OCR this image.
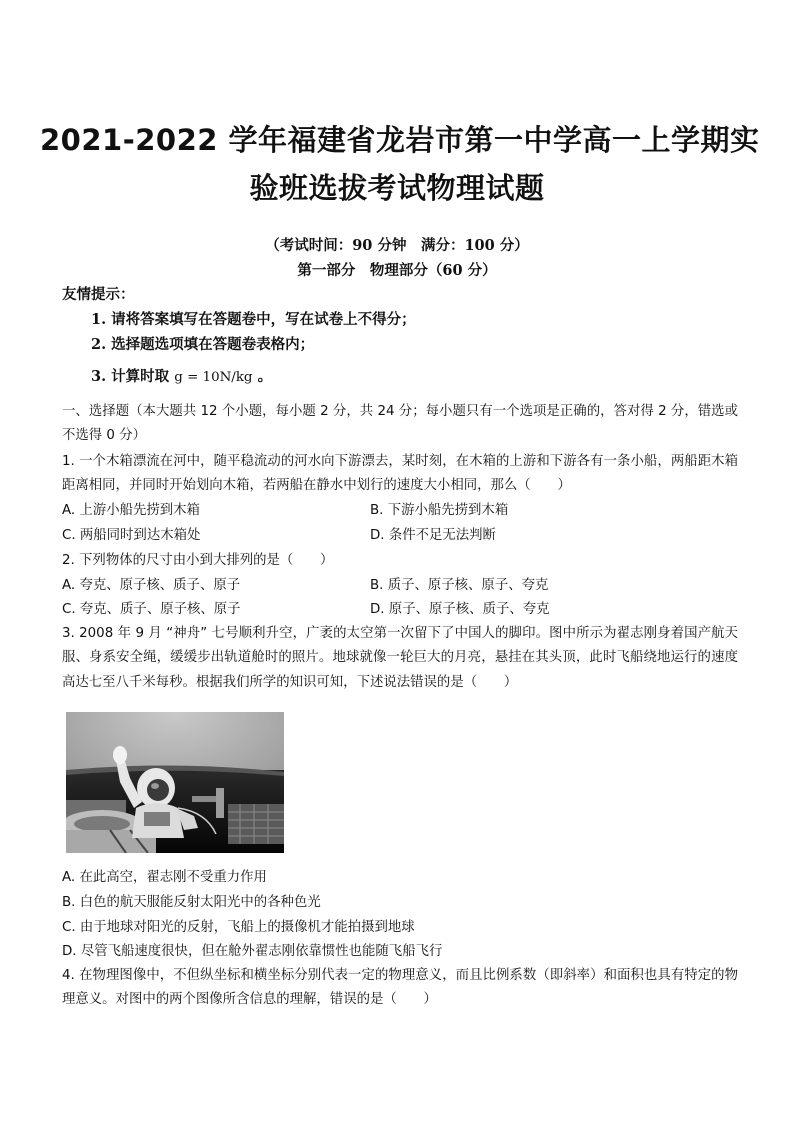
2021-2022 学年福建省龙岩市第一中学高一上学期实
验班选拔考试物理试题
（考试时间：90 分钟　满分：100 分）
第一部分　物理部分（60 分）
友情提示：
1. 请将答案填写在答题卷中，写在试卷上不得分；
2. 选择题选项填在答题卷表格内；
3. 计算时取 g = 10N/kg 。
一、选择题（本大题共 12 个小题，每小题 2 分，共 24 分；每小题只有一个选项是正确的，答对得 2 分，错选或不选得 0 分）
1. 一个木箱漂流在河中，随平稳流动的河水向下游漂去，某时刻，在木箱的上游和下游各有一条小船，两船距木箱距离相同，并同时开始划向木箱，若两船在静水中划行的速度大小相同，那么（　　）
A. 上游小船先捞到木箱	B. 下游小船先捞到木箱
C. 两船同时到达木箱处	D. 条件不足无法判断
2. 下列物体的尺寸由小到大排列的是（　　）
A. 夸克、原子核、质子、原子	B. 质子、原子核、原子、夸克
C. 夸克、质子、原子核、原子	D. 原子、原子核、质子、夸克
3. 2008 年 9 月 “神舟” 七号顺利升空，广袤的太空第一次留下了中国人的脚印。图中所示为翟志刚身着国产航天服、身系安全绳，缓缓步出轨道舱时的照片。地球就像一轮巨大的月亮，悬挂在其头顶，此时飞船绕地运行的速度高达七至八千米每秒。根据我们所学的知识可知，下述说法错误的是（　　）
A. 在此高空，翟志刚不受重力作用
B. 白色的航天服能反射太阳光中的各种色光
C. 由于地球对阳光的反射，飞船上的摄像机才能拍摄到地球
D. 尽管飞船速度很快，但在舱外翟志刚依靠惯性也能随飞船飞行
4. 在物理图像中，不但纵坐标和横坐标分别代表一定的物理意义，而且比例系数（即斜率）和面积也具有特定的物理意义。对图中的两个图像所含信息的理解，错误的是（　　）
